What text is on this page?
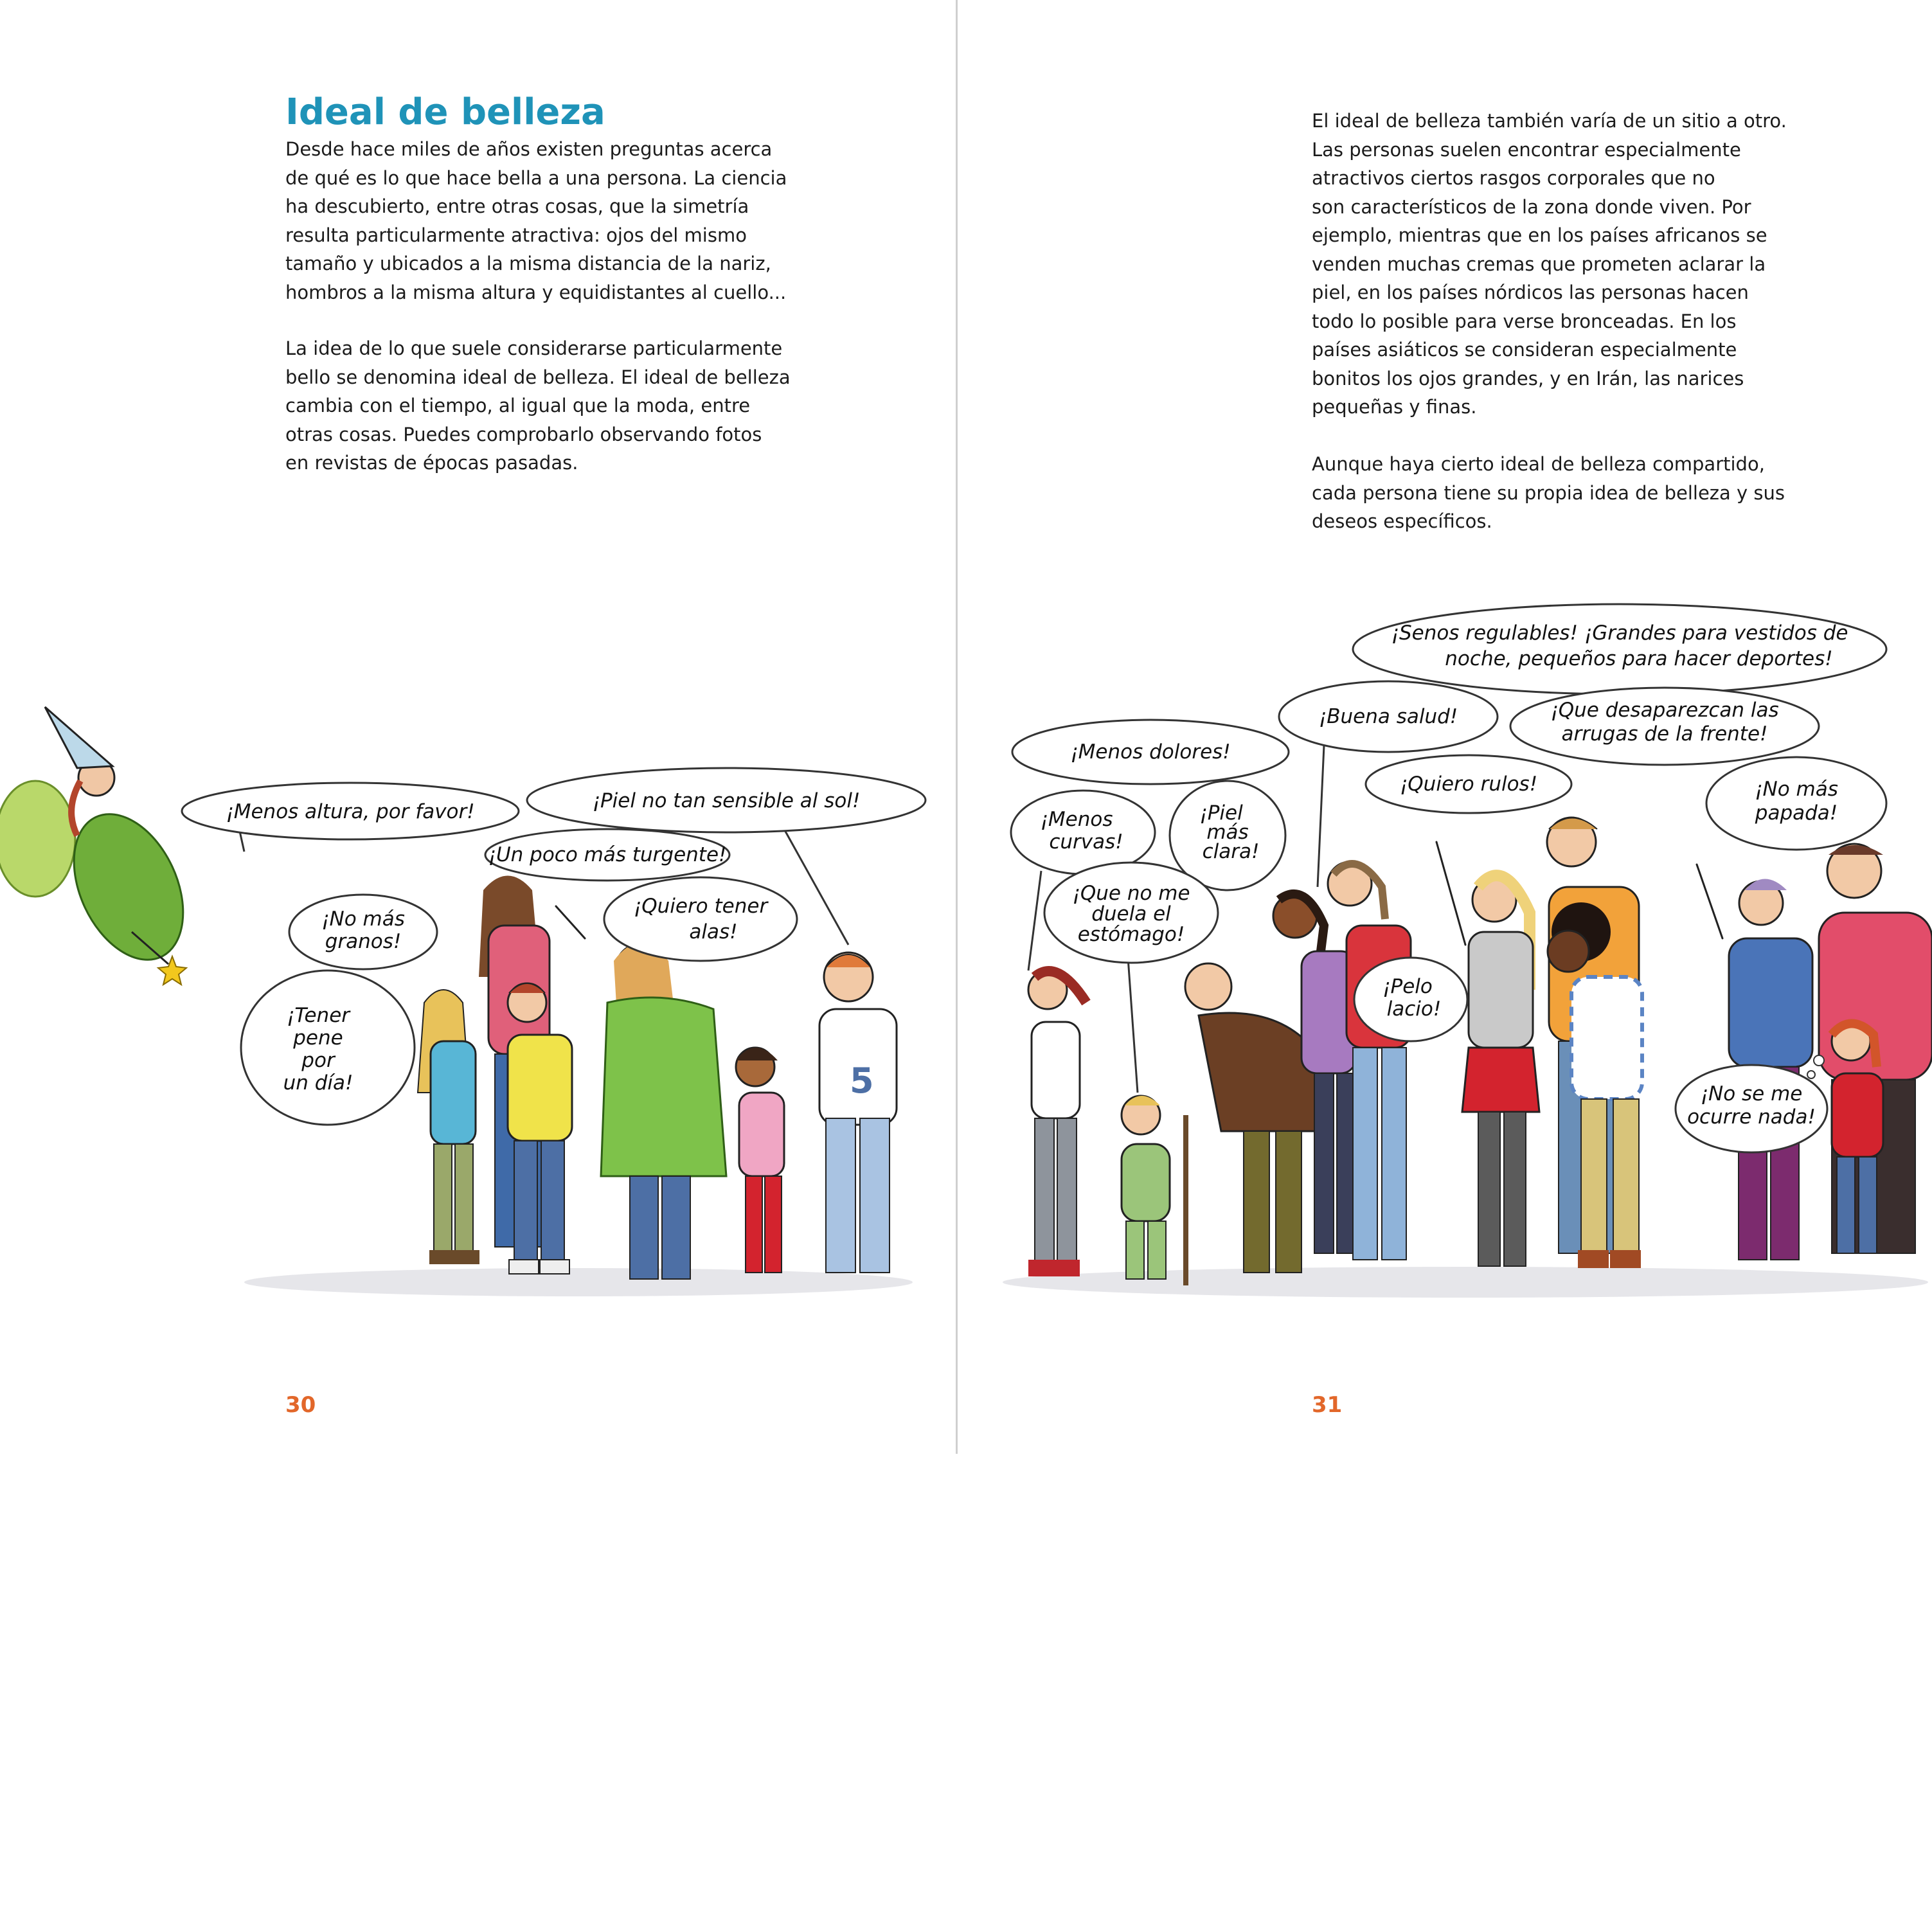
Ideal de belleza
Desde hace miles de años existen preguntas acerca
de qué es lo que hace bella a una persona. La ciencia
ha descubierto, entre otras cosas, que la simetría
resulta particularmente atractiva: ojos del mismo
tamaño y ubicados a la misma distancia de la nariz,
hombros a la misma altura y equidistantes al cuello...
La idea de lo que suele considerarse particularmente
bello se denomina ideal de belleza. El ideal de belleza
cambia con el tiempo, al igual que la moda, entre
otras cosas. Puedes comprobarlo observando fotos
en revistas de épocas pasadas.
El ideal de belleza también varía de un sitio a otro.
Las personas suelen encontrar especialmente
atractivos ciertos rasgos corporales que no
son característicos de la zona donde viven. Por
ejemplo, mientras que en los países africanos se
venden muchas cremas que prometen aclarar la
piel, en los países nórdicos las personas hacen
todo lo posible para verse bronceadas. En los
países asiáticos se consideran especialmente
bonitos los ojos grandes, y en Irán, las narices
pequeñas y finas.
Aunque haya cierto ideal de belleza compartido,
cada persona tiene su propia idea de belleza y sus
deseos específicos.
30	31
5
¡Menos altura, por favor!	¡Piel no tan sensible al sol!
¡Un poco más turgente!
¡No más
granos!
¡Quiero tener
alas!
¡Tener
pene
por
un día!
¡Senos regulables! ¡Grandes para vestidos de
noche, pequeños para hacer deportes!
¡Buena salud!	¡Que desaparezcan las
arrugas de la frente!
¡Menos dolores!
¡Quiero rulos!	¡No más
papada!
¡Menos
curvas!
¡Piel
más
clara!
¡Que no me
duela el
estómago!
¡Pelo
lacio!
¡No se me
ocurre nada!
